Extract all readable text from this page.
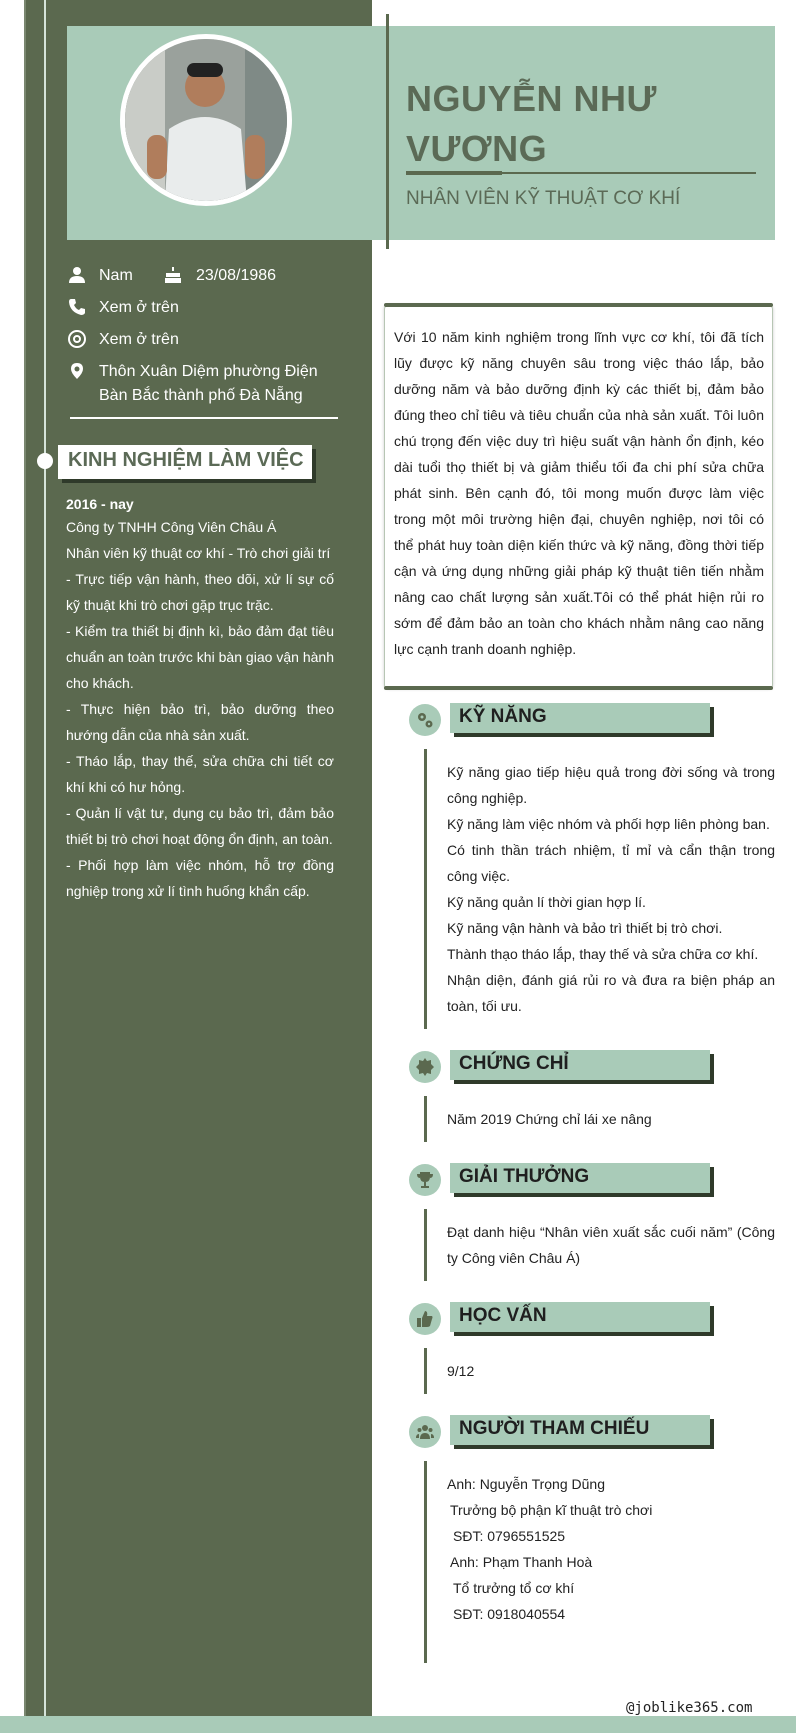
NGUYỄN NHƯ VƯƠNG
NHÂN VIÊN KỸ THUẬT CƠ KHÍ
Nam	23/08/1986
Xem ở trên
Xem ở trên
Thôn Xuân Diệm phường Điện Bàn Bắc thành phố Đà Nẵng
KINH NGHIỆM LÀM VIỆC
2016 - nay
Công ty TNHH Công Viên Châu Á
Nhân viên kỹ thuật cơ khí - Trò chơi giải trí
- Trực tiếp vận hành, theo dõi, xử lí sự cố kỹ thuật khi trò chơi gặp trục trặc.
- Kiểm tra thiết bị định kì, bảo đảm đạt tiêu chuẩn an toàn trước khi bàn giao vận hành cho khách.
- Thực hiện bảo trì, bảo dưỡng theo hướng dẫn của nhà sản xuất.
- Tháo lắp, thay thế, sửa chữa chi tiết cơ khí khi có hư hỏng.
- Quản lí vật tư, dụng cụ bảo trì, đảm bảo thiết bị trò chơi hoạt động ổn định, an toàn.
- Phối hợp làm việc nhóm, hỗ trợ đồng nghiệp trong xử lí tình huống khẩn cấp.
Với 10 năm kinh nghiệm trong lĩnh vực cơ khí, tôi đã tích lũy được kỹ năng chuyên sâu trong việc tháo lắp, bảo dưỡng năm và bảo dưỡng định kỳ các thiết bị, đảm bảo đúng theo chỉ tiêu và tiêu chuẩn của nhà sản xuất. Tôi luôn chú trọng đến việc duy trì hiệu suất vận hành ổn định, kéo dài tuổi thọ thiết bị và giảm thiểu tối đa chi phí sửa chữa phát sinh. Bên cạnh đó, tôi mong muốn được làm việc trong một môi trường hiện đại, chuyên nghiệp, nơi tôi có thể phát huy toàn diện kiến thức và kỹ năng, đồng thời tiếp cận và ứng dụng những giải pháp kỹ thuật tiên tiến nhằm nâng cao chất lượng sản xuất.Tôi có thể phát hiện rủi ro sớm để đảm bảo an toàn cho khách nhằm nâng cao năng lực cạnh tranh doanh nghiệp.
KỸ NĂNG
Kỹ năng giao tiếp hiệu quả trong đời sống và trong công nghiệp.
Kỹ năng làm việc nhóm và phối hợp liên phòng ban.
Có tinh thần trách nhiệm, tỉ mỉ và cẩn thận trong công việc.
Kỹ năng quản lí thời gian hợp lí.
Kỹ năng vận hành và bảo trì thiết bị trò chơi.
Thành thạo tháo lắp, thay thế và sửa chữa cơ khí.
Nhận diện, đánh giá rủi ro và đưa ra biện pháp an toàn, tối ưu.
CHỨNG CHỈ
Năm 2019 Chứng chỉ lái xe nâng
GIẢI THƯỞNG
Đạt danh hiệu “Nhân viên xuất sắc cuối năm” (Công ty Công viên Châu Á)
HỌC VẤN
9/12
NGƯỜI THAM CHIẾU
Anh: Nguyễn Trọng Dũng
Trưởng bộ phận kĩ thuật trò chơi
SĐT: 0796551525
Anh: Phạm Thanh Hoà
Tổ trưởng tổ cơ khí
SĐT: 0918040554
@joblike365.com
